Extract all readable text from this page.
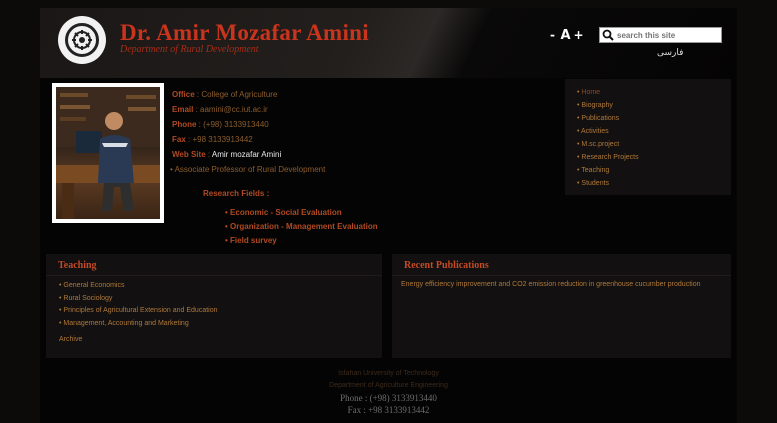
Dr. Amir Mozafar Amini
Department of Rural Development
- A +
search this site
فارسی
Office : College of Agriculture
Email : aamini@cc.iut.ac.ir
Phone : (+98) 3133913440
Fax : +98 3133913442
Web Site : Amir mozafar Amini
• Associate Professor of Rural Development
Research Fields :
• Economic - Social Evaluation
• Organization - Management Evaluation
• Field survey
• Home
• Biography
• Publications
• Activities
• M.sc.project
• Research Projects
• Teaching
• Students
Teaching
• General Economics
• Rural Sociology
• Principles of Agricultural Extension and Education
• Management, Accounting and Marketing
Archive
Recent Publications
Energy efficiency improvement and CO2 emission reduction in greenhouse cucumber production
Isfahan University of Technology
Department of Agriculture Engineering
Phone : (+98) 3133913440
Fax : +98 3133913442
